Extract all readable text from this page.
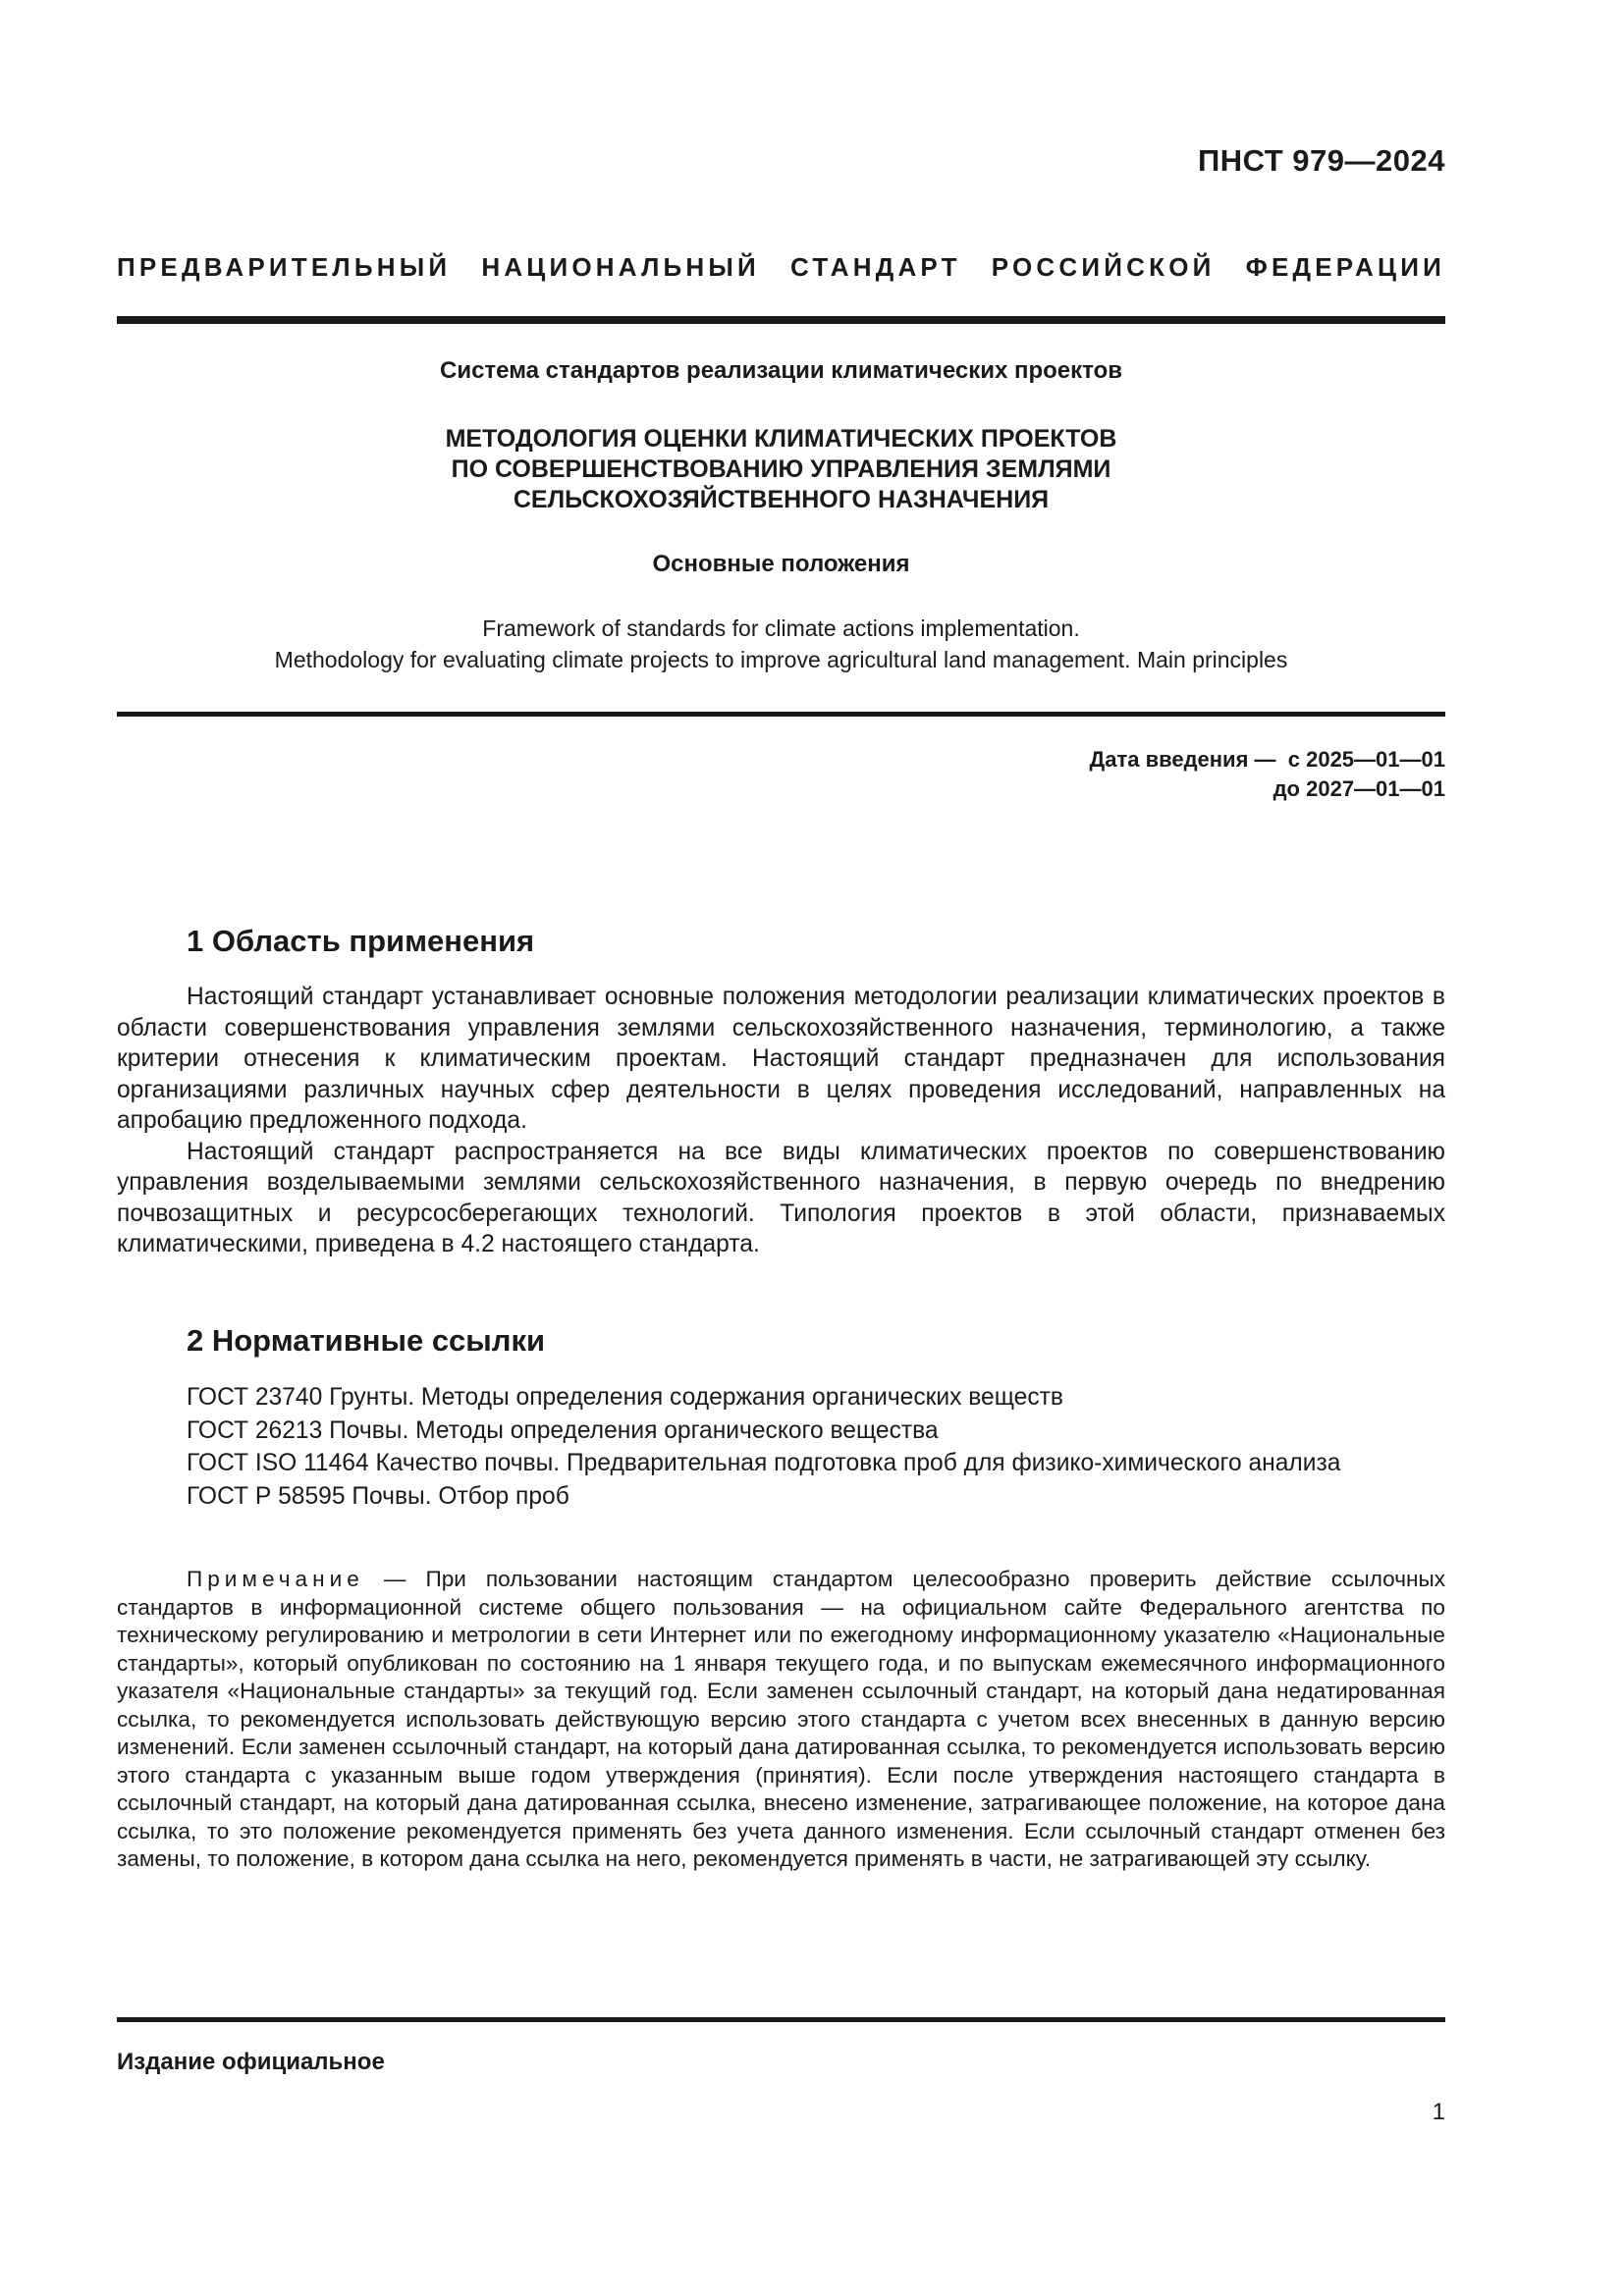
ПНСТ 979—2024
ПРЕДВАРИТЕЛЬНЫЙ НАЦИОНАЛЬНЫЙ СТАНДАРТ РОССИЙСКОЙ ФЕДЕРАЦИИ
Система стандартов реализации климатических проектов
МЕТОДОЛОГИЯ ОЦЕНКИ КЛИМАТИЧЕСКИХ ПРОЕКТОВ
ПО СОВЕРШЕНСТВОВАНИЮ УПРАВЛЕНИЯ ЗЕМЛЯМИ
СЕЛЬСКОХОЗЯЙСТВЕННОГО НАЗНАЧЕНИЯ
Основные положения
Framework of standards for climate actions implementation.
Methodology for evaluating climate projects to improve agricultural land management. Main principles
Дата введения —  с 2025—01—01
до 2027—01—01
1 Область применения

Настоящий стандарт устанавливает основные положения методологии реализации климатических проектов в области совершенствования управления землями сельскохозяйственного назначения, терминологию, а также критерии отнесения к климатическим проектам. Настоящий стандарт предназначен для использования организациями различных научных сфер деятельности в целях проведения исследований, направленных на апробацию предложенного подхода.

Настоящий стандарт распространяется на все виды климатических проектов по совершенствованию управления возделываемыми землями сельскохозяйственного назначения, в первую очередь по внедрению почвозащитных и ресурсосберегающих технологий. Типология проектов в этой области, признаваемых климатическими, приведена в 4.2 настоящего стандарта.

2 Нормативные ссылки

ГОСТ 23740 Грунты. Методы определения содержания органических веществ

ГОСТ 26213 Почвы. Методы определения органического вещества

ГОСТ ISO 11464 Качество почвы. Предварительная подготовка проб для физико-химического анализа

ГОСТ Р 58595 Почвы. Отбор проб

Примечание — При пользовании настоящим стандартом целесообразно проверить действие ссылочных стандартов в информационной системе общего пользования — на официальном сайте Федерального агентства по техническому регулированию и метрологии в сети Интернет или по ежегодному информационному указателю «Национальные стандарты», который опубликован по состоянию на 1 января текущего года, и по выпускам ежемесячного информационного указателя «Национальные стандарты» за текущий год. Если заменен ссылочный стандарт, на который дана недатированная ссылка, то рекомендуется использовать действующую версию этого стандарта с учетом всех внесенных в данную версию изменений. Если заменен ссылочный стандарт, на который дана датированная ссылка, то рекомендуется использовать версию этого стандарта с указанным выше годом утверждения (принятия). Если после утверждения настоящего стандарта в ссылочный стандарт, на который дана датированная ссылка, внесено изменение, затрагивающее положение, на которое дана ссылка, то это положение рекомендуется применять без учета данного изменения. Если ссылочный стандарт отменен без замены, то положение, в котором дана ссылка на него, рекомендуется применять в части, не затрагивающей эту ссылку.

Издание официальное
1
